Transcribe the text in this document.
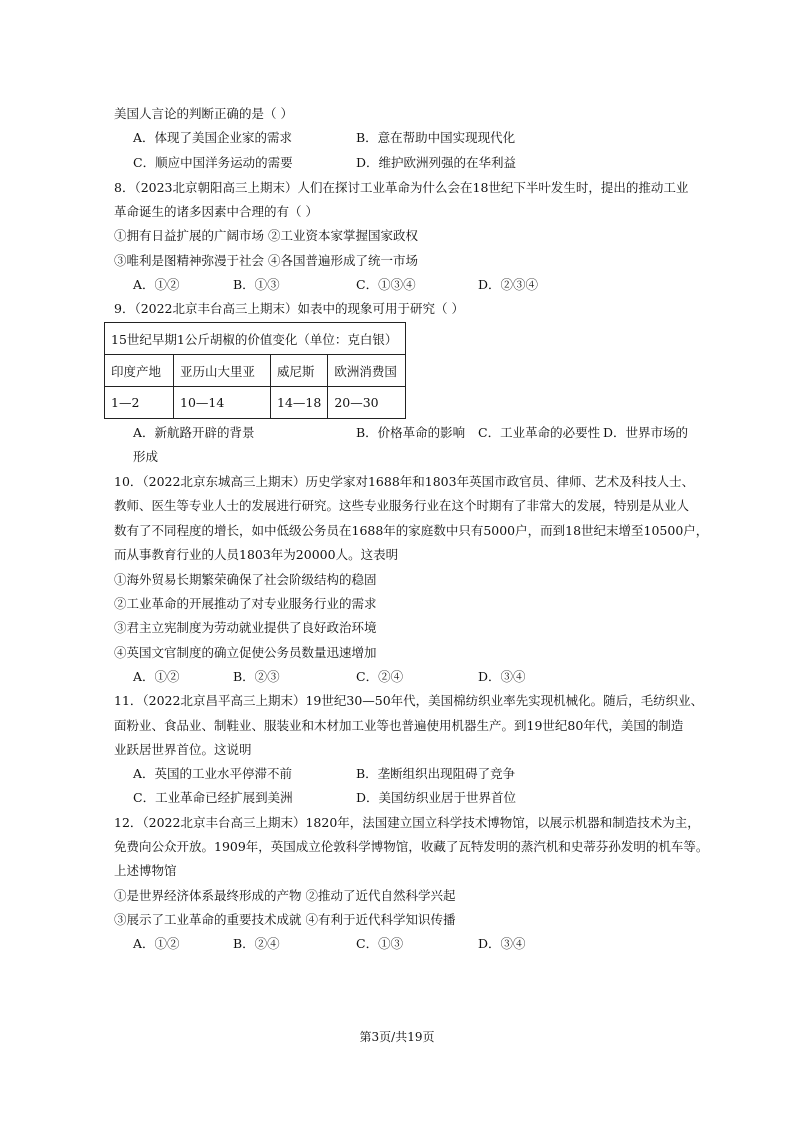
美国人言论的判断正确的是（ ）
A．体现了美国企业家的需求	B．意在帮助中国实现现代化
C．顺应中国洋务运动的需要	D．维护欧洲列强的在华利益
8．（2023北京朝阳高三上期末）人们在探讨工业革命为什么会在18世纪下半叶发生时，提出的推动工业
革命诞生的诸多因素中合理的有（ ）
①拥有日益扩展的广阔市场 ②工业资本家掌握国家政权
③唯利是图精神弥漫于社会 ④各国普遍形成了统一市场
A．①②	B．①③	C．①③④	D．②③④
9．（2022北京丰台高三上期末）如表中的现象可用于研究（ ）
15世纪早期1公斤胡椒的价值变化（单位：克白银）			
印度产地	亚历山大里亚	威尼斯	欧洲消费国
1—2	10—14	14—18	20—30
A．新航路开辟的背景	B．价格革命的影响 C．工业革命的必要性 D．世界市场的
形成
10．（2022北京东城高三上期末）历史学家对1688年和1803年英国市政官员、律师、艺术及科技人士、
教师、医生等专业人士的发展进行研究。这些专业服务行业在这个时期有了非常大的发展，特别是从业人
数有了不同程度的增长，如中低级公务员在1688年的家庭数中只有5000户，而到18世纪末增至10500户，
而从事教育行业的人员1803年为20000人。这表明
①海外贸易长期繁荣确保了社会阶级结构的稳固
②工业革命的开展推动了对专业服务行业的需求
③君主立宪制度为劳动就业提供了良好政治环境
④英国文官制度的确立促使公务员数量迅速增加
A．①②	B．②③	C．②④	D．③④
11．（2022北京昌平高三上期末）19世纪30—50年代，美国棉纺织业率先实现机械化。随后，毛纺织业、
面粉业、食品业、制鞋业、服装业和木材加工业等也普遍使用机器生产。到19世纪80年代，美国的制造
业跃居世界首位。这说明
A．英国的工业水平停滞不前	B．垄断组织出现阻碍了竞争
C．工业革命已经扩展到美洲	D．美国纺织业居于世界首位
12．（2022北京丰台高三上期末）1820年，法国建立国立科学技术博物馆，以展示机器和制造技术为主，
免费向公众开放。1909年，英国成立伦敦科学博物馆，收藏了瓦特发明的蒸汽机和史蒂芬孙发明的机车等。
上述博物馆
①是世界经济体系最终形成的产物 ②推动了近代自然科学兴起
③展示了工业革命的重要技术成就 ④有利于近代科学知识传播
A．①②	B．②④	C．①③	D．③④
第3页/共19页
